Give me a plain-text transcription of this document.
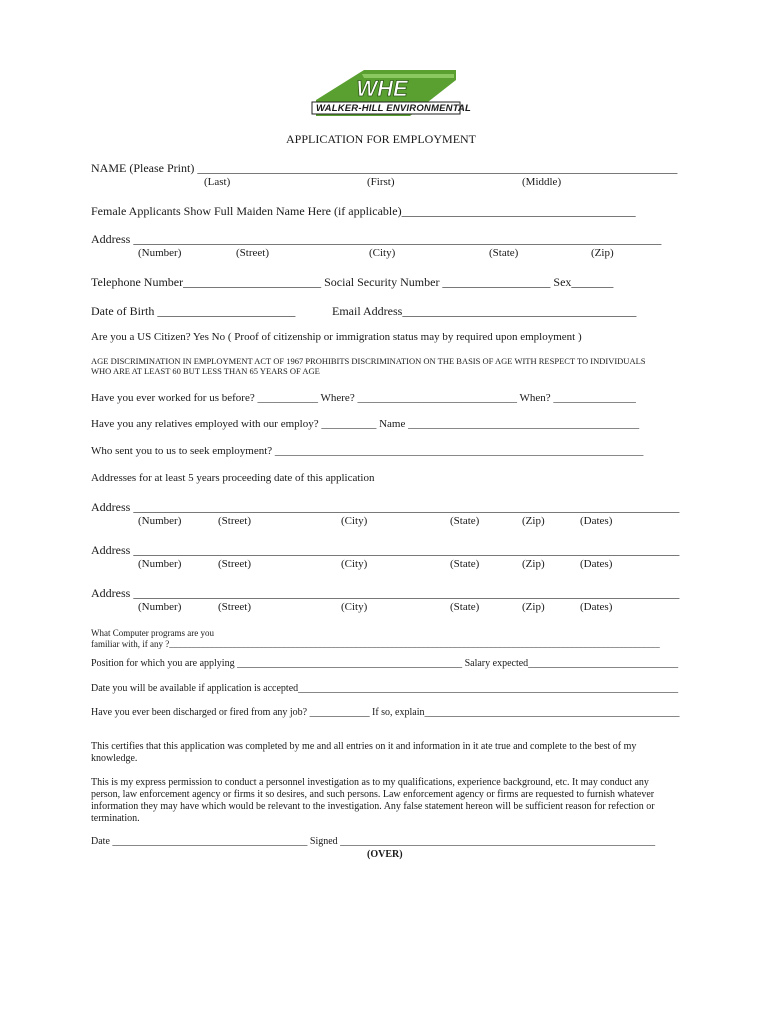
WHE
WALKER-HILL ENVIRONMENTAL
APPLICATION FOR EMPLOYMENT
NAME (Please Print) ________________________________________________________________________________
(Last)	(First)	(Middle)
Female Applicants Show Full Maiden Name Here (if applicable)_______________________________________
Address ________________________________________________________________________________________
(Number)	(Street)	(City)	(State)	(Zip)
Telephone Number_______________________ Social Security Number __________________ Sex_______
Date of Birth _______________________	Email Address_______________________________________
Are you a US Citizen? Yes No ( Proof of citizenship or immigration status may by required upon employment )
AGE DISCRIMINATION IN EMPLOYMENT ACT OF 1967 PROHIBITS DISCRIMINATION ON THE BASIS OF AGE WITH RESPECT TO INDIVIDUALS
WHO ARE AT LEAST 60 BUT LESS THAN 65 YEARS OF AGE
Have you ever worked for us before? ___________ Where? _____________________________ When? _______________
Have you any relatives employed with our employ? __________ Name __________________________________________
Who sent you to us to seek employment? ___________________________________________________________________
Addresses for at least 5 years proceeding date of this application
Address ___________________________________________________________________________________________
(Number)	(Street)	(City)	(State)	(Zip)	(Dates)
Address ___________________________________________________________________________________________
(Number)	(Street)	(City)	(State)	(Zip)	(Dates)
Address ___________________________________________________________________________________________
(Number)	(Street)	(City)	(State)	(Zip)	(Dates)
What Computer programs are you
familiar with, if any ?_____________________________________________________________________________________________________________
Position for which you are applying _____________________________________________ Salary expected______________________________
Date you will be available if application is accepted____________________________________________________________________________
Have you ever been discharged or fired from any job? ____________ If so, explain___________________________________________________
This certifies that this application was completed by me and all entries on it and information in it ate true and complete to the best of my
knowledge.
This is my express permission to conduct a personnel investigation as to my qualifications, experience background, etc. It may conduct any
person, law enforcement agency or firms it so desires, and such persons. Law enforcement agency or firms are requested to furnish whatever
information they may have which would be relevant to the investigation. Any false statement hereon will be sufficient reason for refection or
termination.
Date _______________________________________ Signed _______________________________________________________________
(OVER)
